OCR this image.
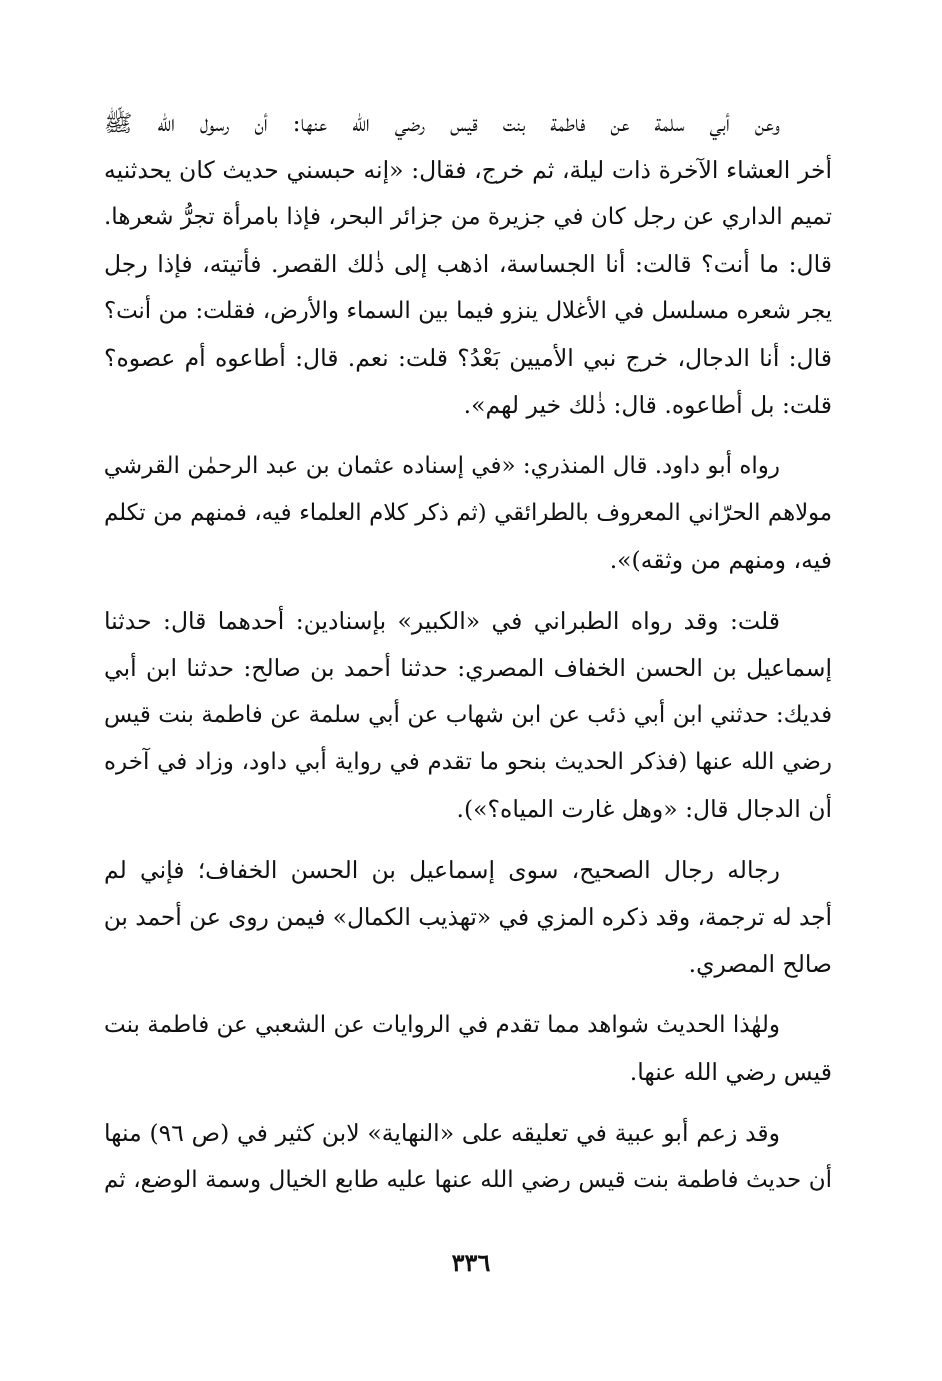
وعن أبي سلمة عن فاطمة بنت قيس رضي الله عنها: أن رسول الله ﷺ
أخر العشاء الآخرة ذات ليلة، ثم خرج، فقال: «إنه حبسني حديث كان يحدثنيه
تميم الداري عن رجل كان في جزيرة من جزائر البحر، فإذا بامرأة تجرُّ شعرها.
قال: ما أنت؟ قالت: أنا الجساسة، اذهب إلى ذٰلك القصر. فأتيته، فإذا رجل
يجر شعره مسلسل في الأغلال ينزو فيما بين السماء والأرض، فقلت: من أنت؟
قال: أنا الدجال، خرج نبي الأميين بَعْدُ؟ قلت: نعم. قال: أطاعوه أم عصوه؟
قلت: بل أطاعوه. قال: ذٰلك خير لهم».
رواه أبو داود. قال المنذري: «في إسناده عثمان بن عبد الرحمٰن القرشي
مولاهم الحرّاني المعروف بالطرائقي (ثم ذكر كلام العلماء فيه، فمنهم من تكلم
فيه، ومنهم من وثقه)».
قلت: وقد رواه الطبراني في «الكبير» بإسنادين: أحدهما قال: حدثنا
إسماعيل بن الحسن الخفاف المصري: حدثنا أحمد بن صالح: حدثنا ابن أبي
فديك: حدثني ابن أبي ذئب عن ابن شهاب عن أبي سلمة عن فاطمة بنت قيس
رضي الله عنها (فذكر الحديث بنحو ما تقدم في رواية أبي داود، وزاد في آخره
أن الدجال قال: «وهل غارت المياه؟»).
رجاله رجال الصحيح، سوى إسماعيل بن الحسن الخفاف؛ فإني لم
أجد له ترجمة، وقد ذكره المزي في «تهذيب الكمال» فيمن روى عن أحمد بن
صالح المصري.
ولهٰذا الحديث شواهد مما تقدم في الروايات عن الشعبي عن فاطمة بنت
قيس رضي الله عنها.
وقد زعم أبو عبية في تعليقه على «النهاية» لابن كثير في (ص ٩٦) منها
أن حديث فاطمة بنت قيس رضي الله عنها عليه طابع الخيال وسمة الوضع، ثم
٣٣٦
